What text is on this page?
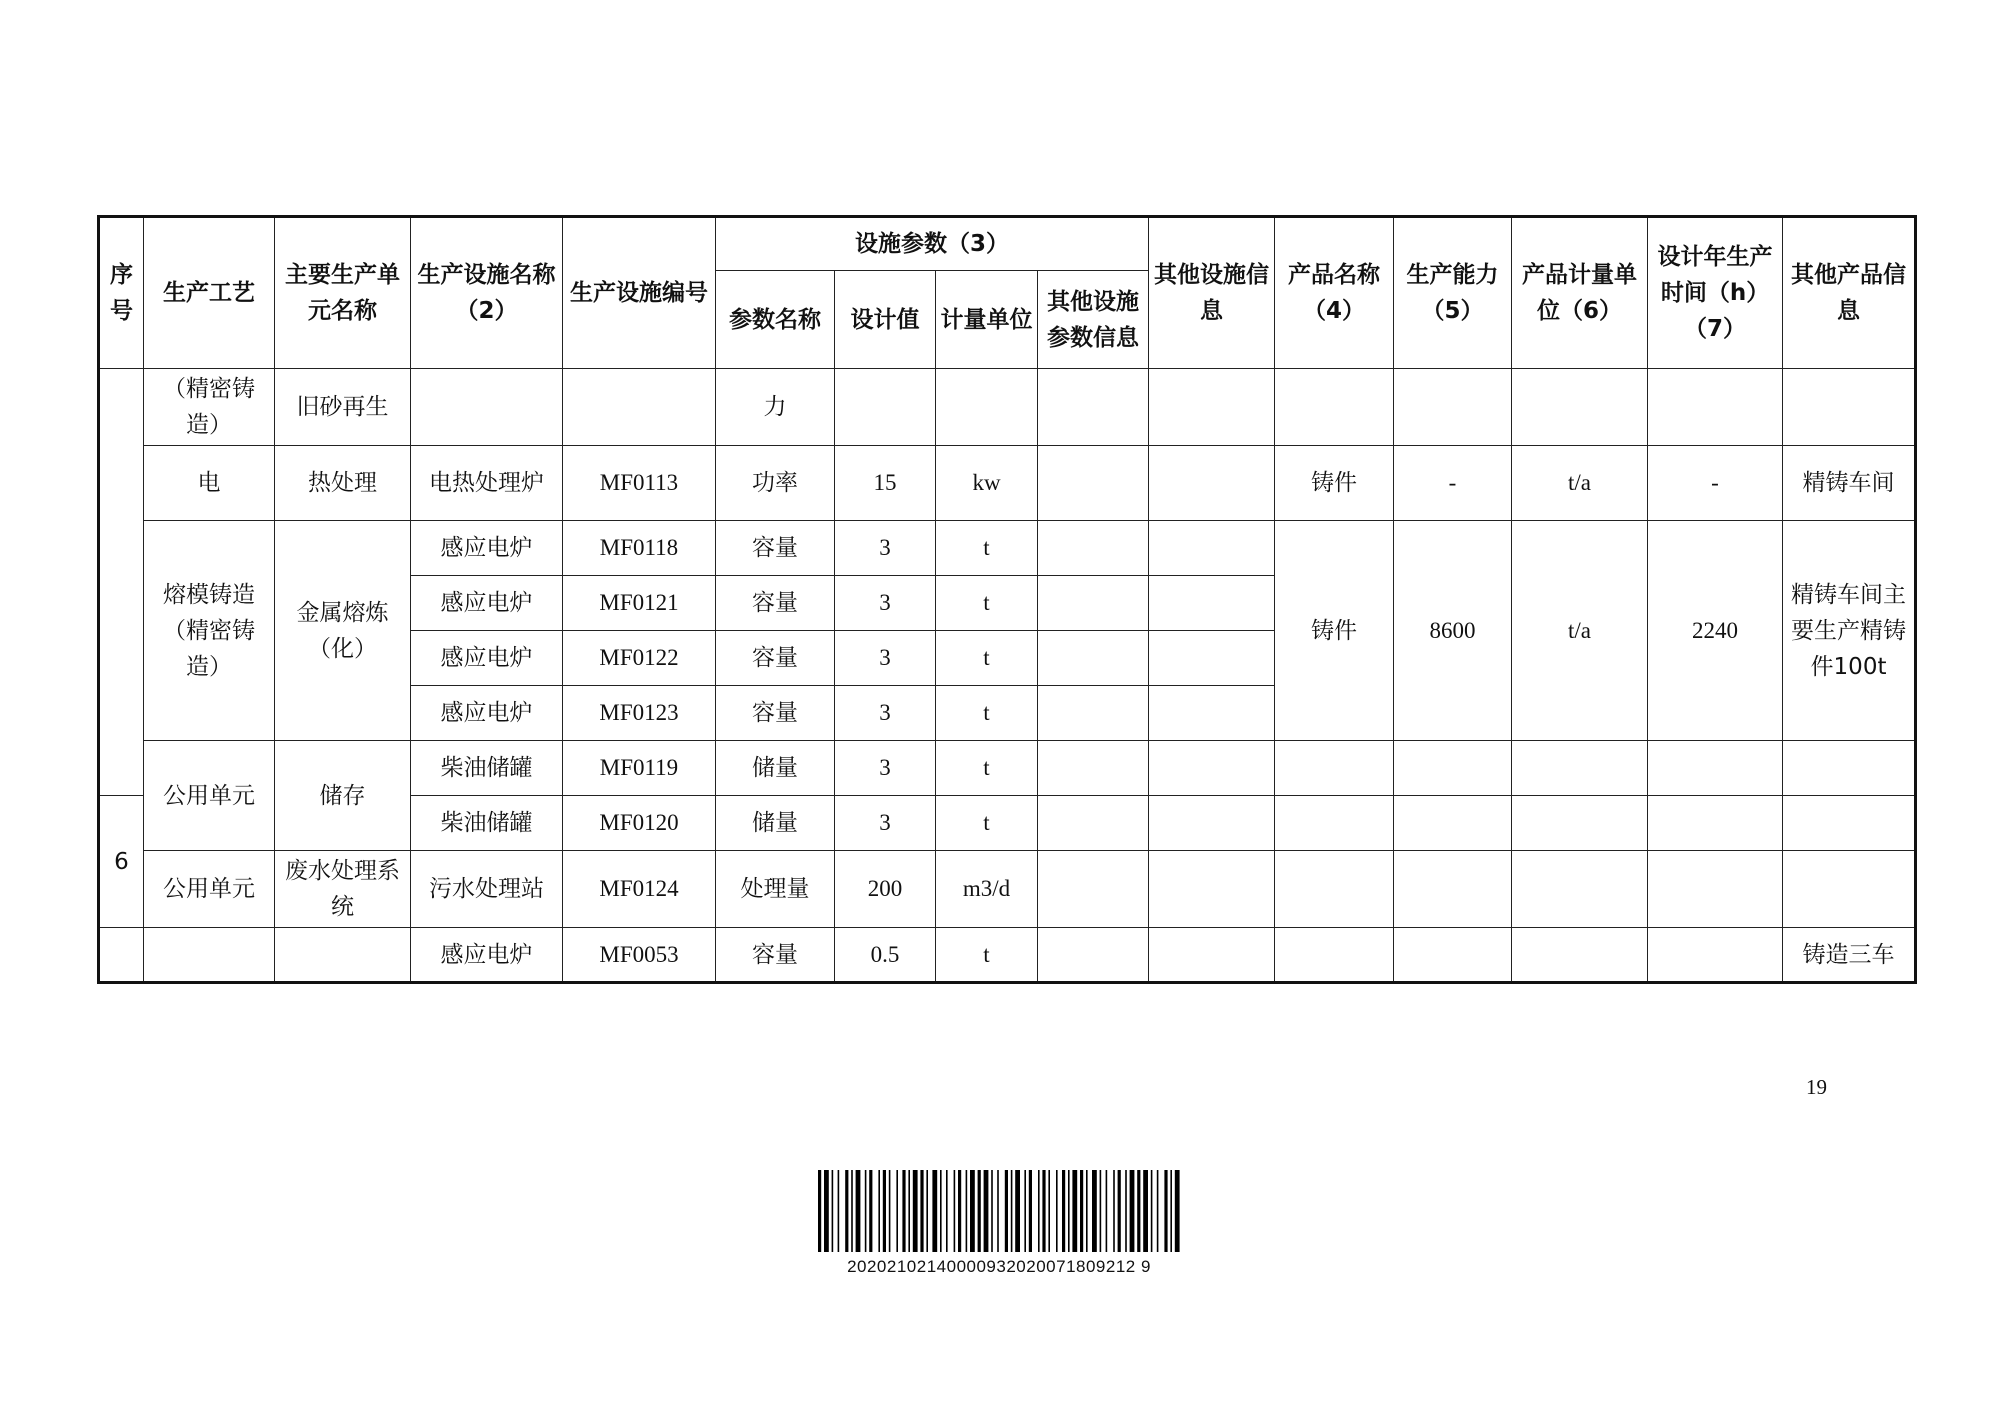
序号	生产工艺	主要生产单元名称	生产设施名称（2）	生产设施编号	设施参数（3）				其他设施信息	产品名称（4）	生产能力（5）	产品计量单位（6）	设计年生产时间（h）（7）	其他产品信息
					参数名称	设计值	计量单位	其他设施参数信息						
	（精密铸造）	旧砂再生			力									
	电	热处理	电热处理炉	MF0113	功率	15	kw			铸件	-	t/a	-	精铸车间
	熔模铸造（精密铸造）	金属熔炼（化）	感应电炉	MF0118	容量	3	t			铸件	8600	t/a	2240	精铸车间主要生产精铸件100t
			感应电炉	MF0121	容量	3	t							
			感应电炉	MF0122	容量	3	t							
			感应电炉	MF0123	容量	3	t							
	公用单元	储存	柴油储罐	MF0119	储量	3	t							
6			柴油储罐	MF0120	储量	3	t							
	公用单元	废水处理系统	污水处理站	MF0124	处理量	200	m3/d							
			感应电炉	MF0053	容量	0.5	t							铸造三车
19
20202102140000932020071809212 9
